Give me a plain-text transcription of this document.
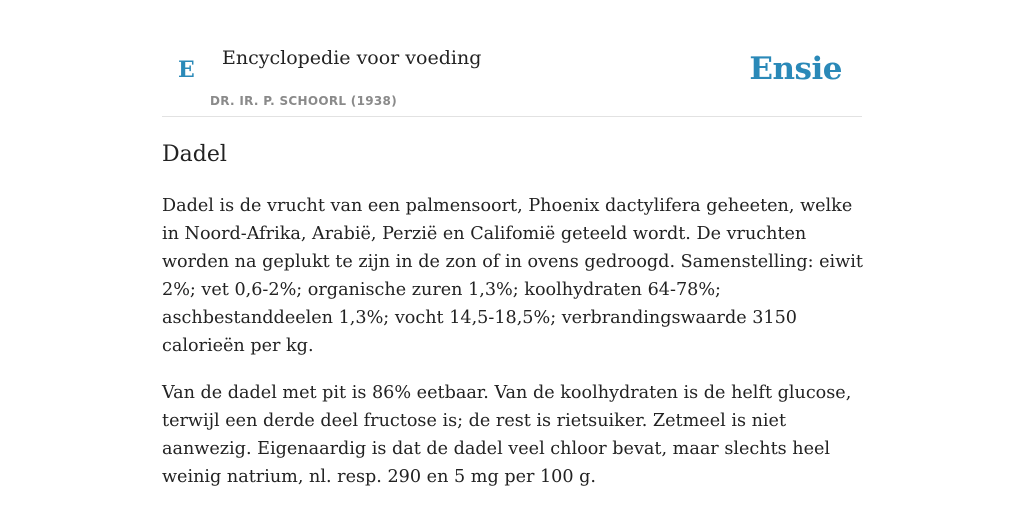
E Encyclopedie voor voeding
DR. IR. P. SCHOORL (1938)
Ensie
Dadel

Dadel is de vrucht van een palmensoort, Phoenix dactylifera geheeten, welke in Noord-Afrika, Arabië, Perzië en Califomië geteeld wordt. De vruchten worden na geplukt te zijn in de zon of in ovens gedroogd. Samenstelling: eiwit 2%; vet 0,6-2%; organische zuren 1,3%; koolhydraten 64-78%; aschbestanddeelen 1,3%; vocht 14,5-18,5%; verbrandingswaarde 3150 calorieën per kg.

Van de dadel met pit is 86% eetbaar. Van de koolhydraten is de helft glucose, terwijl een derde deel fructose is; de rest is rietsuiker. Zetmeel is niet aanwezig. Eigenaardig is dat de dadel veel chloor bevat, maar slechts heel weinig natrium, nl. resp. 290 en 5 mg per 100 g.
